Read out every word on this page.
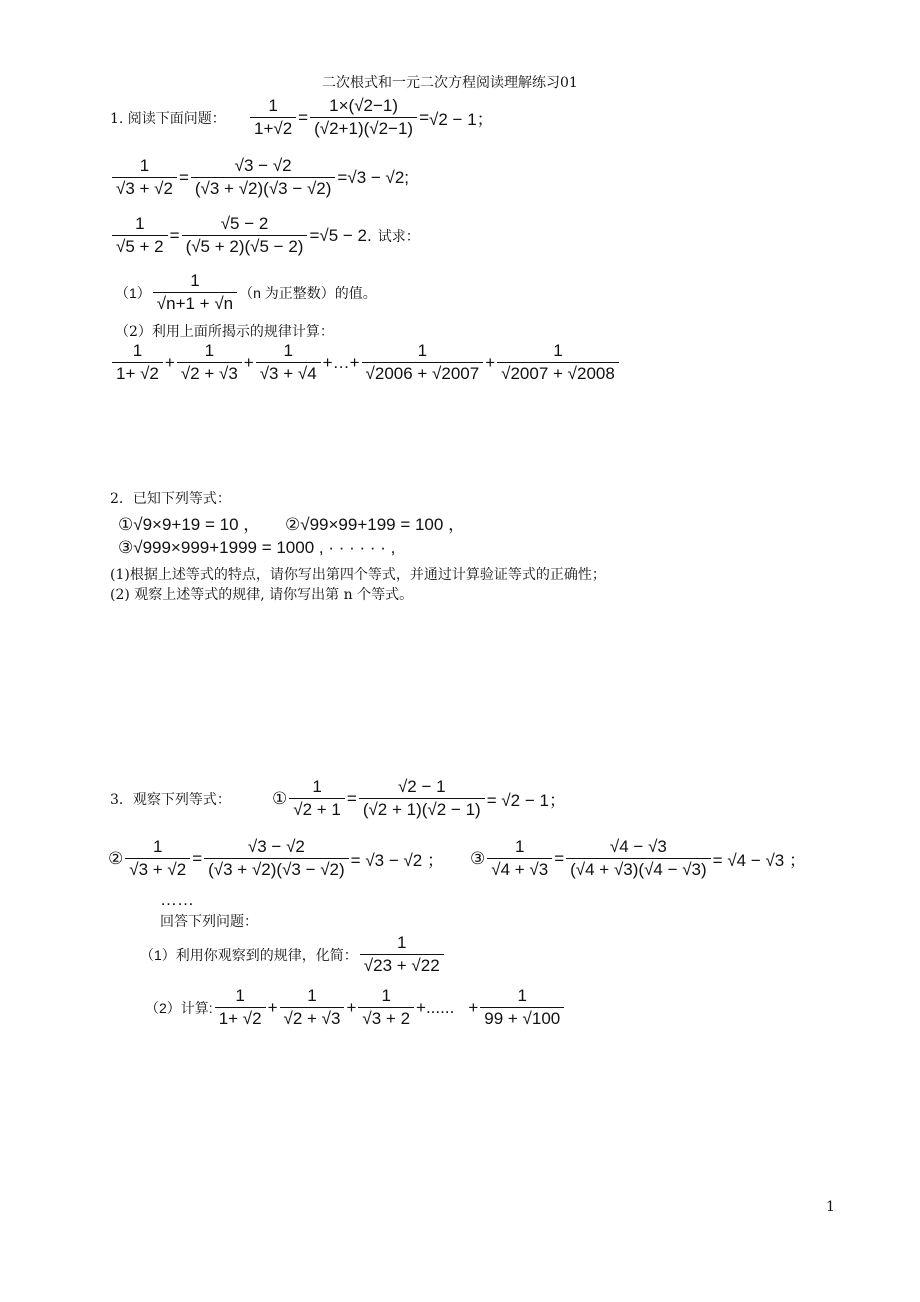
二次根式和一元二次方程阅读理解练习01
1. 阅读下面问题： $\frac{1}{1+√2} = \frac{1\times(√2-1)}{(√2+1)(√2-1)} = √2 - 1$；
$\frac{1}{√3 + √2} = \frac{√3 - √2}{(√3 + √2)(√3 - √2)} = √3 - √2$;
$\frac{1}{√5 + 2} = \frac{√5 - 2}{(√5 + 2)(√5 - 2)} = √5 - 2$. 试求：
$(1) \frac{1}{√n+1 + √n} (n$ 为正整数）的值。
（2）利用上面所揭示的规律计算：
$\frac{1}{1+ √2} + \frac{1}{√2 + √3} + \frac{1}{√3 + √4}$ +…+ $\frac{1}{√2006 + √2007} + \frac{1}{√2007 + √2008}$
2．已知下列等式：
①√9×9+19 = 10 ， ②√99×99+199 = 100 ，
③√999×999+1999 = 1000 , · · · · · · ,
(1)根据上述等式的特点，请你写出第四个等式，并通过计算验证等式的正确性；
(2) 观察上述等式的规律, 请你写出第 n 个等式。
3．观察下列等式： ① $\frac{1}{√2 + 1} = \frac{√2 - 1}{(√2 + 1)(√2 - 1)} = √2 - 1$；
② $\frac{1}{√3 + √2} = \frac{√3 - √2}{(√3 + √2)(√3 - √2)} = √3 - √2$ ； ③ $\frac{1}{√4 + √3} = \frac{√4 - √3}{(√4 + √3)(√4 - √3)} = √4 - √3$ ；
……
回答下列问题：
（1）利用你观察到的规律，化简： $\frac{1}{√23 + √22}$
（2）计算: $\frac{1}{1+ √2} + \frac{1}{√2 + √3} + \frac{1}{√3 + 2}$ +...... + $\frac{1}{99 + √100}$
1
